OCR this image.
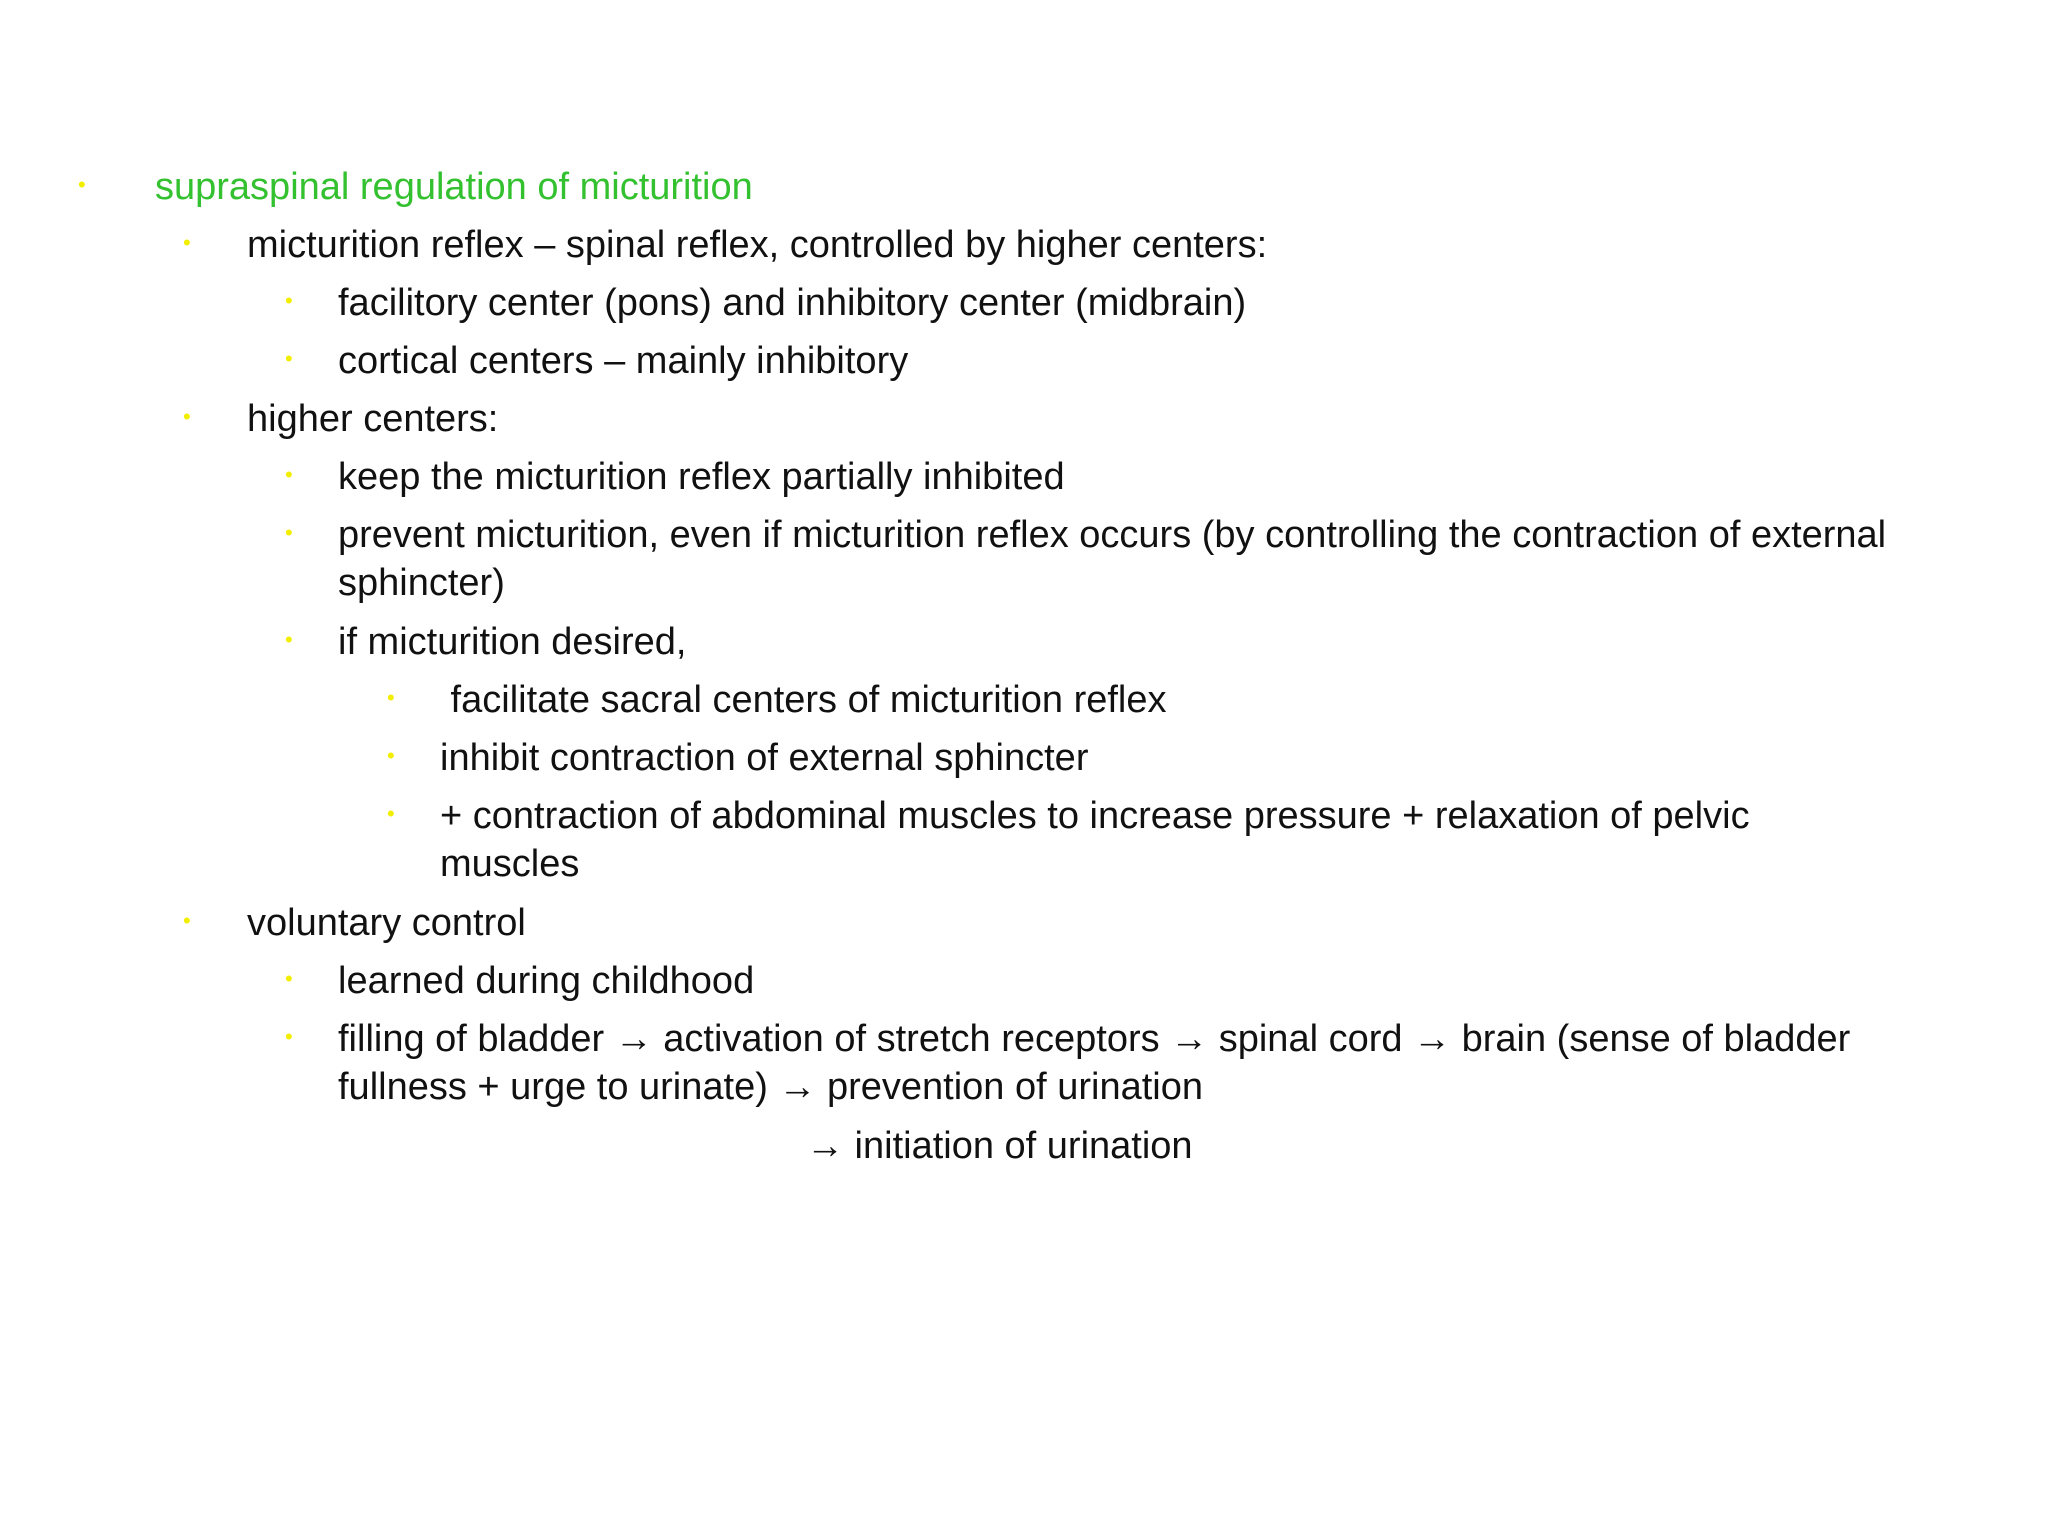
•	supraspinal regulation of micturition
•	micturition reflex – spinal reflex, controlled by higher centers:
•	facilitory center (pons) and inhibitory center (midbrain)
•	cortical centers – mainly inhibitory
•	higher centers:
•	keep the micturition reflex partially inhibited
•	prevent micturition, even if micturition reflex occurs (by controlling the contraction of external sphincter)
•	if micturition desired,
•	facilitate sacral centers of micturition reflex
•	inhibit contraction of external sphincter
•	+ contraction of abdominal muscles to increase pressure + relaxation of pelvic muscles
•	voluntary control
•	learned during childhood
•	filling of bladder → activation of stretch receptors → spinal cord → brain (sense of bladder fullness + urge to urinate) → prevention of urination
→ initiation of urination
